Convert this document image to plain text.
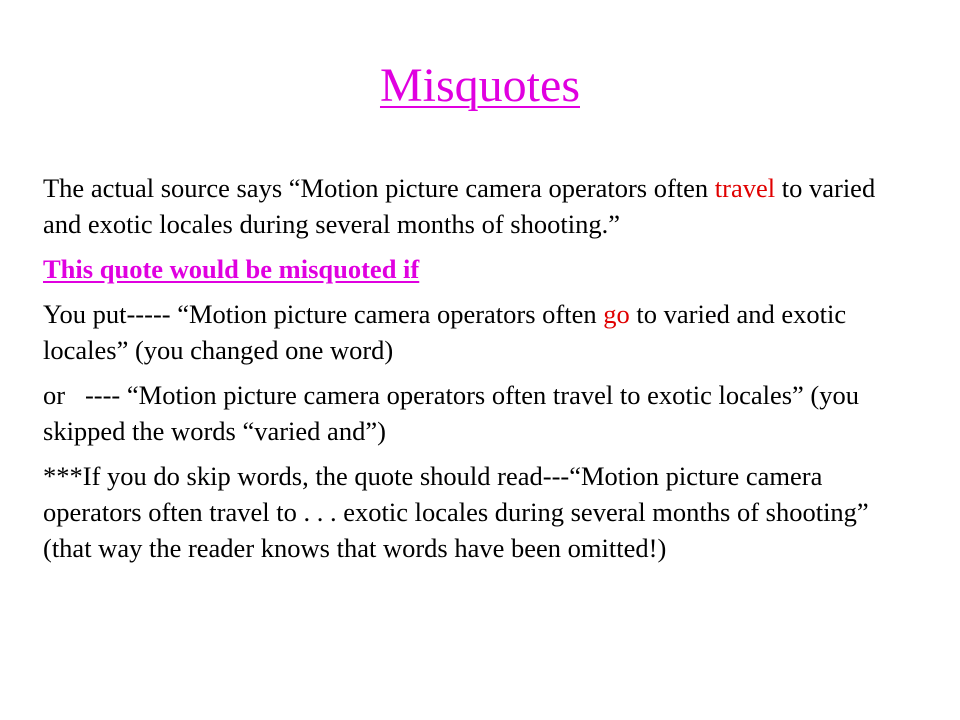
Misquotes

The actual source says “Motion picture camera operators often travel to varied and exotic locales during several months of shooting.”

This quote would be misquoted if

You put----- “Motion picture camera operators often go to varied and exotic locales” (you changed one word)

or   ---- “Motion picture camera operators often travel to exotic locales” (you skipped the words “varied and”)

***If you do skip words, the quote should read---“Motion picture camera operators often travel to . . . exotic locales during several months of shooting” (that way the reader knows that words have been omitted!)
